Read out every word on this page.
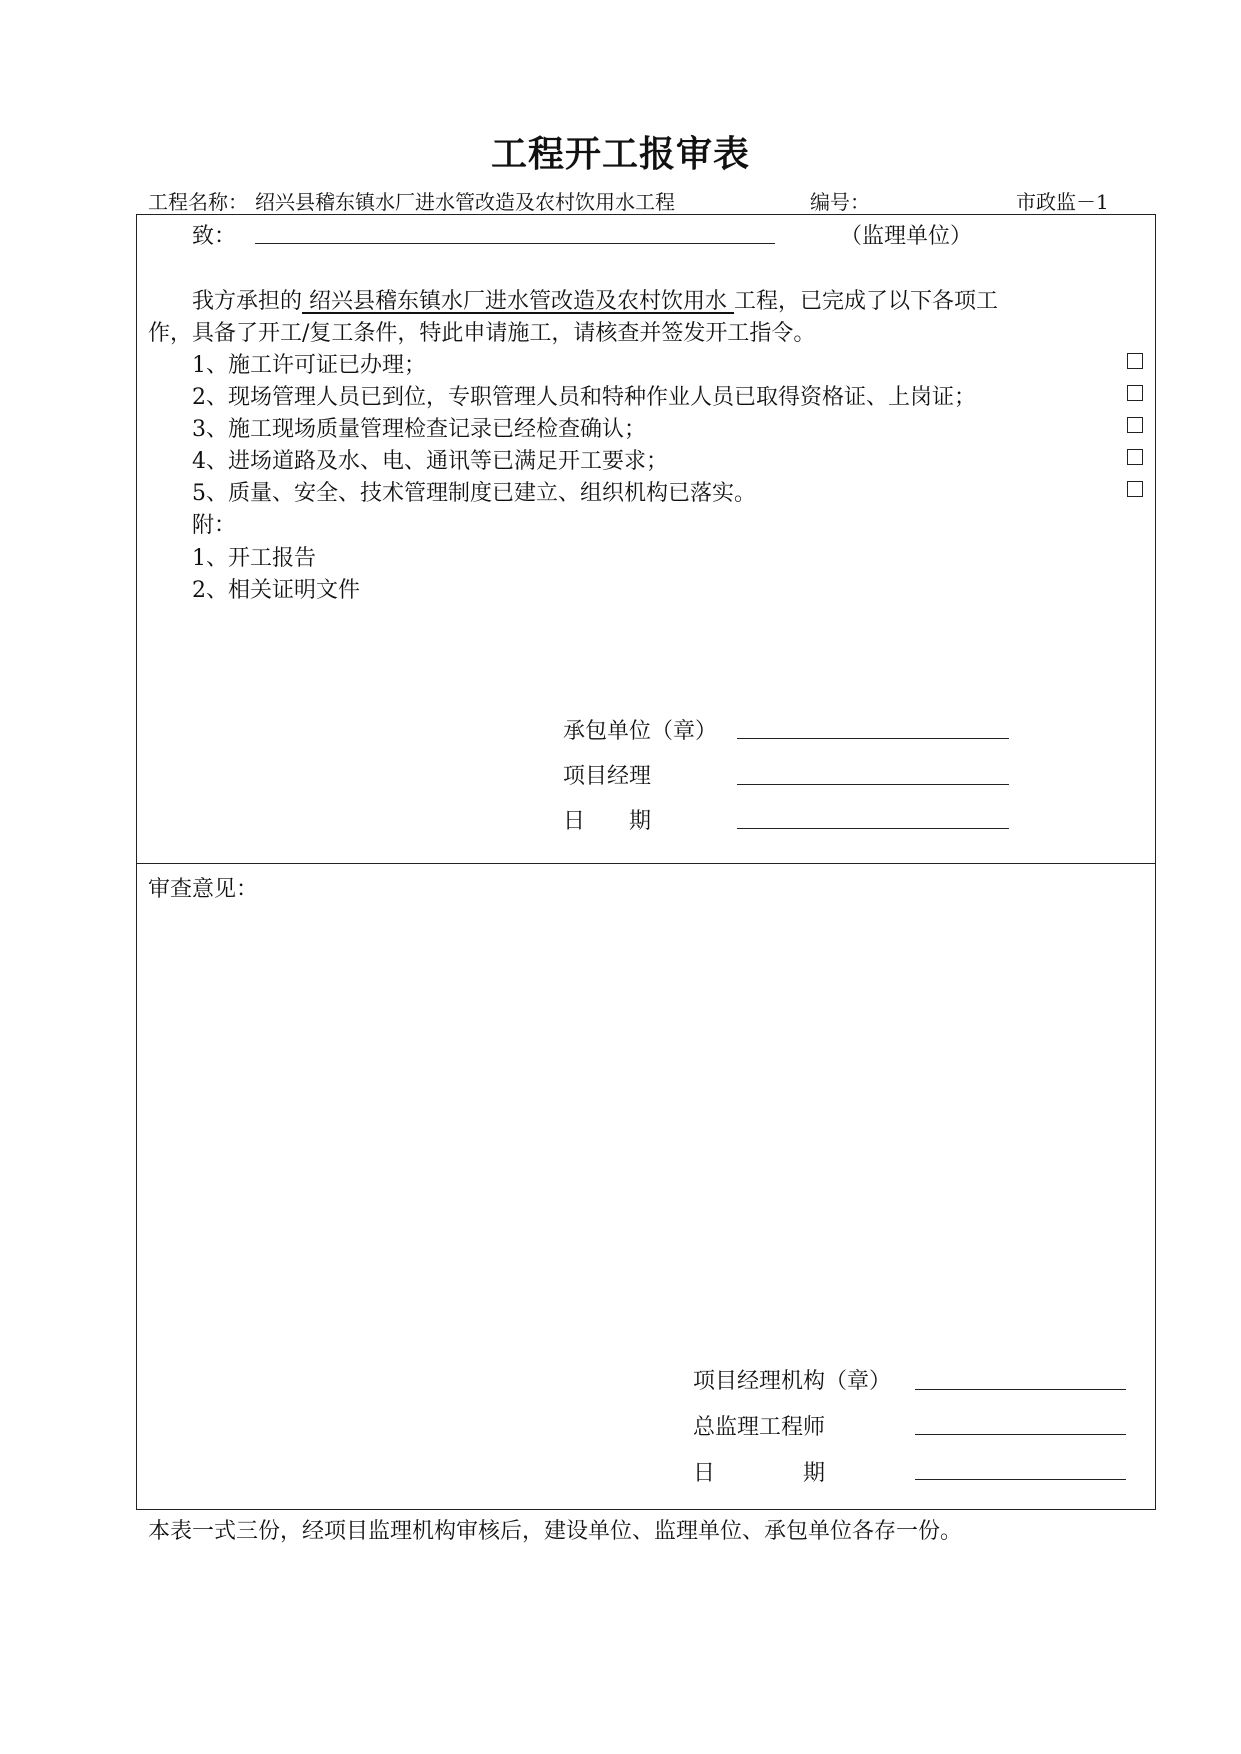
工程开工报审表
工程名称： 绍兴县稽东镇水厂进水管改造及农村饮用水工程	编号：	市政监－1
致：	（监理单位）
我方承担的 绍兴县稽东镇水厂进水管改造及农村饮用水 工程，已完成了以下各项工
作，具备了开工/复工条件，特此申请施工，请核查并签发开工指令。
1、施工许可证已办理；
2、现场管理人员已到位，专职管理人员和特种作业人员已取得资格证、上岗证；
3、施工现场质量管理检查记录已经检查确认；
4、进场道路及水、电、通讯等已满足开工要求；
5、质量、安全、技术管理制度已建立、组织机构已落实。
附：
1、开工报告
2、相关证明文件
承包单位（章）
项目经理
日　　期
审查意见：
项目经理机构（章）
总监理工程师
日　　　　期
本表一式三份，经项目监理机构审核后，建设单位、监理单位、承包单位各存一份。
